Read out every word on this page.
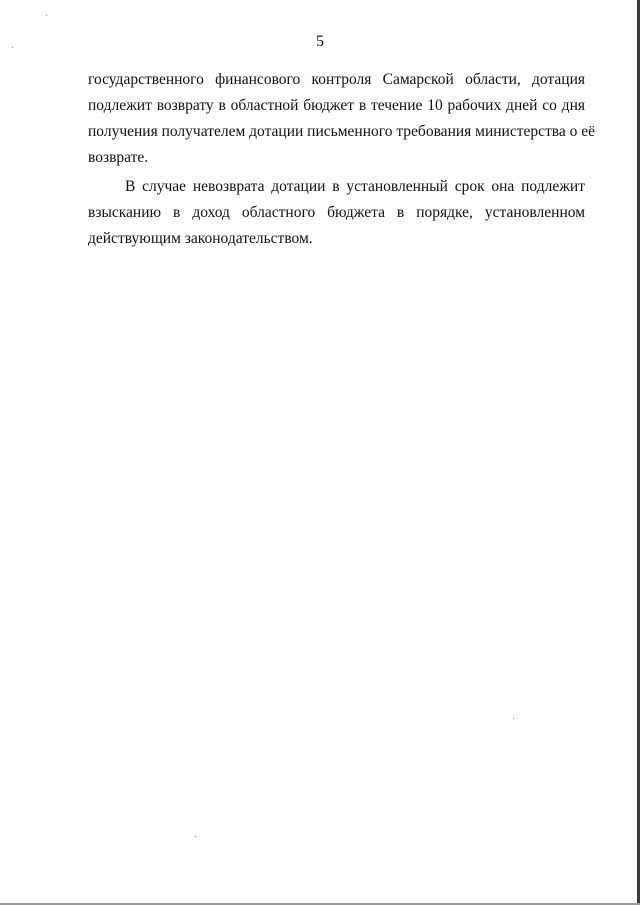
5
государственного финансового контроля Самарской области, дотация
подлежит возврату в областной бюджет в течение 10 рабочих дней со дня
получения получателем дотации письменного требования министерства о её
возврате.
В случае невозврата дотации в установленный срок она подлежит
взысканию в доход областного бюджета в порядке, установленном
действующим законодательством.
